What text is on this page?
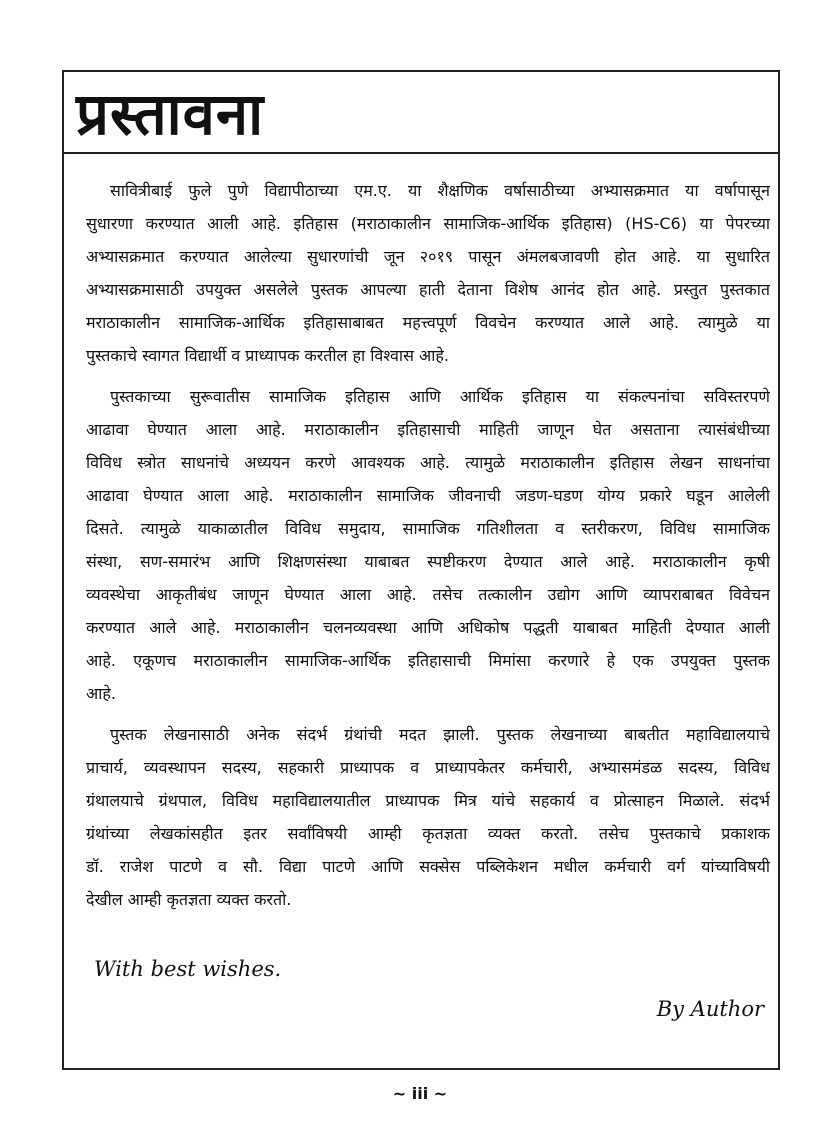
प्रस्तावना
सावित्रीबाई फुले पुणे विद्यापीठाच्या एम.ए. या शैक्षणिक वर्षासाठीच्या अभ्यासक्रमात या वर्षापासून
सुधारणा करण्यात आली आहे. इतिहास (मराठाकालीन सामाजिक-आर्थिक इतिहास) (HS-C6) या पेपरच्या
अभ्यासक्रमात करण्यात आलेल्या सुधारणांची जून २०१९ पासून अंमलबजावणी होत आहे. या सुधारित
अभ्यासक्रमासाठी उपयुक्त असलेले पुस्तक आपल्या हाती देताना विशेष आनंद होत आहे. प्रस्तुत पुस्तकात
मराठाकालीन सामाजिक-आर्थिक इतिहासाबाबत महत्त्वपूर्ण विवचेन करण्यात आले आहे. त्यामुळे या
पुस्तकाचे स्वागत विद्यार्थी व प्राध्यापक करतील हा विश्वास आहे.
पुस्तकाच्या सुरूवातीस सामाजिक इतिहास आणि आर्थिक इतिहास या संकल्पनांचा सविस्तरपणे
आढावा घेण्यात आला आहे. मराठाकालीन इतिहासाची माहिती जाणून घेत असताना त्यासंबंधीच्या
विविध स्त्रोत साधनांचे अध्ययन करणे आवश्यक आहे. त्यामुळे मराठाकालीन इतिहास लेखन साधनांचा
आढावा घेण्यात आला आहे. मराठाकालीन सामाजिक जीवनाची जडण-घडण योग्य प्रकारे घडून आलेली
दिसते. त्यामुळे याकाळातील विविध समुदाय, सामाजिक गतिशीलता व स्तरीकरण, विविध सामाजिक
संस्था, सण-समारंभ आणि शिक्षणसंस्था याबाबत स्पष्टीकरण देण्यात आले आहे. मराठाकालीन कृषी
व्यवस्थेचा आकृतीबंध जाणून घेण्यात आला आहे. तसेच तत्कालीन उद्योग आणि व्यापराबाबत विवेचन
करण्यात आले आहे. मराठाकालीन चलनव्यवस्था आणि अधिकोष पद्धती याबाबत माहिती देण्यात आली
आहे. एकूणच मराठाकालीन सामाजिक-आर्थिक इतिहासाची मिमांसा करणारे हे एक उपयुक्त पुस्तक
आहे.
पुस्तक लेखनासाठी अनेक संदर्भ ग्रंथांची मदत झाली. पुस्तक लेखनाच्या बाबतीत महाविद्यालयाचे
प्राचार्य, व्यवस्थापन सदस्य, सहकारी प्राध्यापक व प्राध्यापकेतर कर्मचारी, अभ्यासमंडळ सदस्य, विविध
ग्रंथालयाचे ग्रंथपाल, विविध महाविद्यालयातील प्राध्यापक मित्र यांचे सहकार्य व प्रोत्साहन मिळाले. संदर्भ
ग्रंथांच्या लेखकांसहीत इतर सर्वांविषयी आम्ही कृतज्ञता व्यक्त करतो. तसेच पुस्तकाचे प्रकाशक
डॉ. राजेश पाटणे व सौ. विद्या पाटणे आणि सक्सेस पब्लिकेशन मधील कर्मचारी वर्ग यांच्याविषयी
देखील आम्ही कृतज्ञता व्यक्त करतो.
With best wishes.
By Author
~ iii ~
